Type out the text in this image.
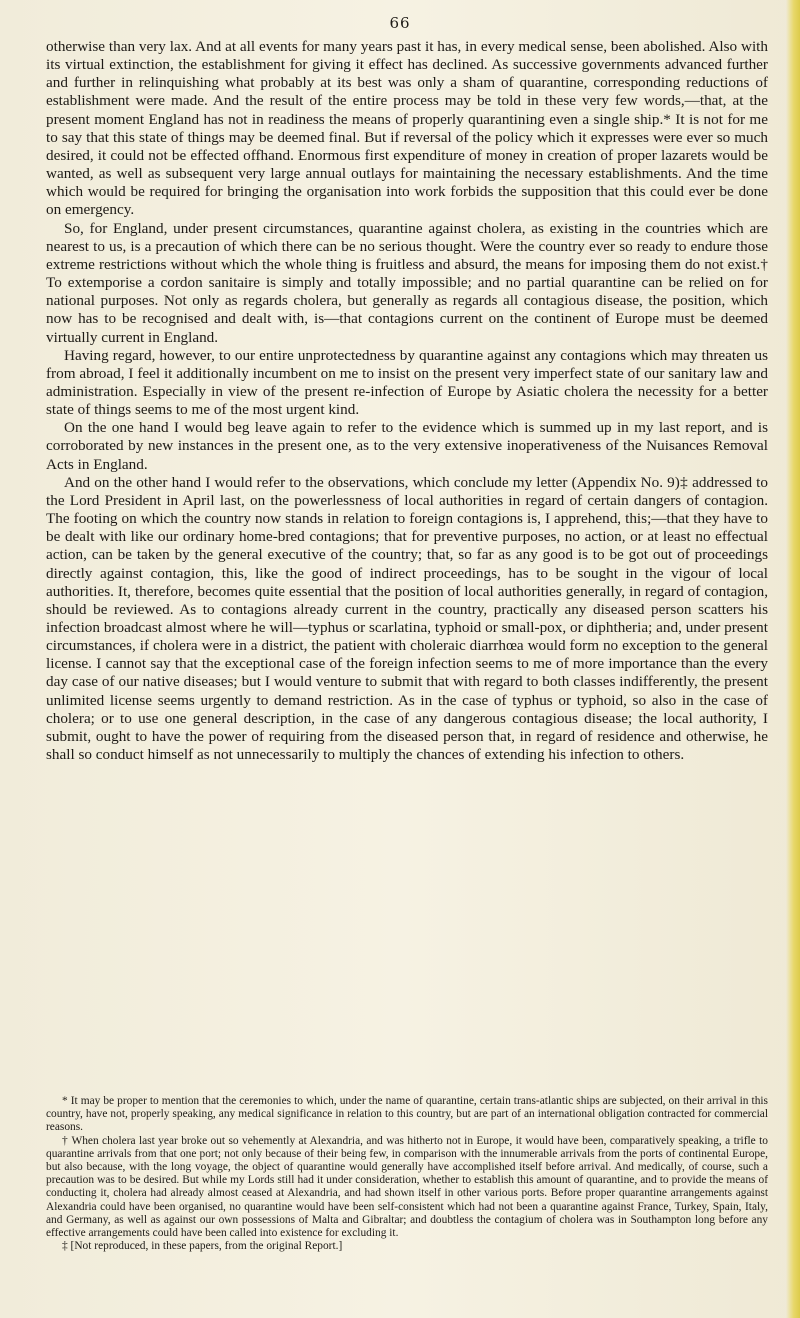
66

otherwise than very lax. And at all events for many years past it has, in every medical sense, been abolished. Also with its virtual extinction, the establishment for giving it effect has declined. As successive governments advanced further and further in relinquishing what probably at its best was only a sham of quarantine, corresponding reductions of establishment were made. And the result of the entire process may be told in these very few words,—that, at the present moment England has not in readiness the means of properly quarantining even a single ship.* It is not for me to say that this state of things may be deemed final. But if reversal of the policy which it expresses were ever so much desired, it could not be effected offhand. Enormous first expenditure of money in creation of proper lazarets would be wanted, as well as subsequent very large annual outlays for maintaining the necessary establishments. And the time which would be required for bringing the organisation into work forbids the supposition that this could ever be done on emergency.

So, for England, under present circumstances, quarantine against cholera, as existing in the countries which are nearest to us, is a precaution of which there can be no serious thought. Were the country ever so ready to endure those extreme restrictions without which the whole thing is fruitless and absurd, the means for imposing them do not exist.† To extemporise a cordon sanitaire is simply and totally impossible; and no partial quarantine can be relied on for national purposes. Not only as regards cholera, but generally as regards all contagious disease, the position, which now has to be recognised and dealt with, is—that contagions current on the continent of Europe must be deemed virtually current in England.

Having regard, however, to our entire unprotectedness by quarantine against any contagions which may threaten us from abroad, I feel it additionally incumbent on me to insist on the present very imperfect state of our sanitary law and administration. Especially in view of the present re-infection of Europe by Asiatic cholera the necessity for a better state of things seems to me of the most urgent kind.

On the one hand I would beg leave again to refer to the evidence which is summed up in my last report, and is corroborated by new instances in the present one, as to the very extensive inoperativeness of the Nuisances Removal Acts in England.

And on the other hand I would refer to the observations, which conclude my letter (Appendix No. 9)‡ addressed to the Lord President in April last, on the powerlessness of local authorities in regard of certain dangers of contagion. The footing on which the country now stands in relation to foreign contagions is, I apprehend, this;—that they have to be dealt with like our ordinary home-bred contagions; that for preventive purposes, no action, or at least no effectual action, can be taken by the general executive of the country; that, so far as any good is to be got out of proceedings directly against contagion, this, like the good of indirect proceedings, has to be sought in the vigour of local authorities. It, therefore, becomes quite essential that the position of local authorities generally, in regard of contagion, should be reviewed. As to contagions already current in the country, practically any diseased person scatters his infection broadcast almost where he will—typhus or scarlatina, typhoid or small-pox, or diphtheria; and, under present circumstances, if cholera were in a district, the patient with choleraic diarrhœa would form no exception to the general license. I cannot say that the exceptional case of the foreign infection seems to me of more importance than the every day case of our native diseases; but I would venture to submit that with regard to both classes indifferently, the present unlimited license seems urgently to demand restriction. As in the case of typhus or typhoid, so also in the case of cholera; or to use one general description, in the case of any dangerous contagious disease; the local authority, I submit, ought to have the power of requiring from the diseased person that, in regard of residence and otherwise, he shall so conduct himself as not unnecessarily to multiply the chances of extending his infection to others.

* It may be proper to mention that the ceremonies to which, under the name of quarantine, certain trans-atlantic ships are subjected, on their arrival in this country, have not, properly speaking, any medical significance in relation to this country, but are part of an international obligation contracted for commercial reasons.

† When cholera last year broke out so vehemently at Alexandria, and was hitherto not in Europe, it would have been, comparatively speaking, a trifle to quarantine arrivals from that one port; not only because of their being few, in comparison with the innumerable arrivals from the ports of continental Europe, but also because, with the long voyage, the object of quarantine would generally have accomplished itself before arrival. And medically, of course, such a precaution was to be desired. But while my Lords still had it under consideration, whether to establish this amount of quarantine, and to provide the means of conducting it, cholera had already almost ceased at Alexandria, and had shown itself in other various ports. Before proper quarantine arrangements against Alexandria could have been organised, no quarantine would have been self-consistent which had not been a quarantine against France, Turkey, Spain, Italy, and Germany, as well as against our own possessions of Malta and Gibraltar; and doubtless the contagium of cholera was in Southampton long before any effective arrangements could have been called into existence for excluding it.

‡ [Not reproduced, in these papers, from the original Report.]
